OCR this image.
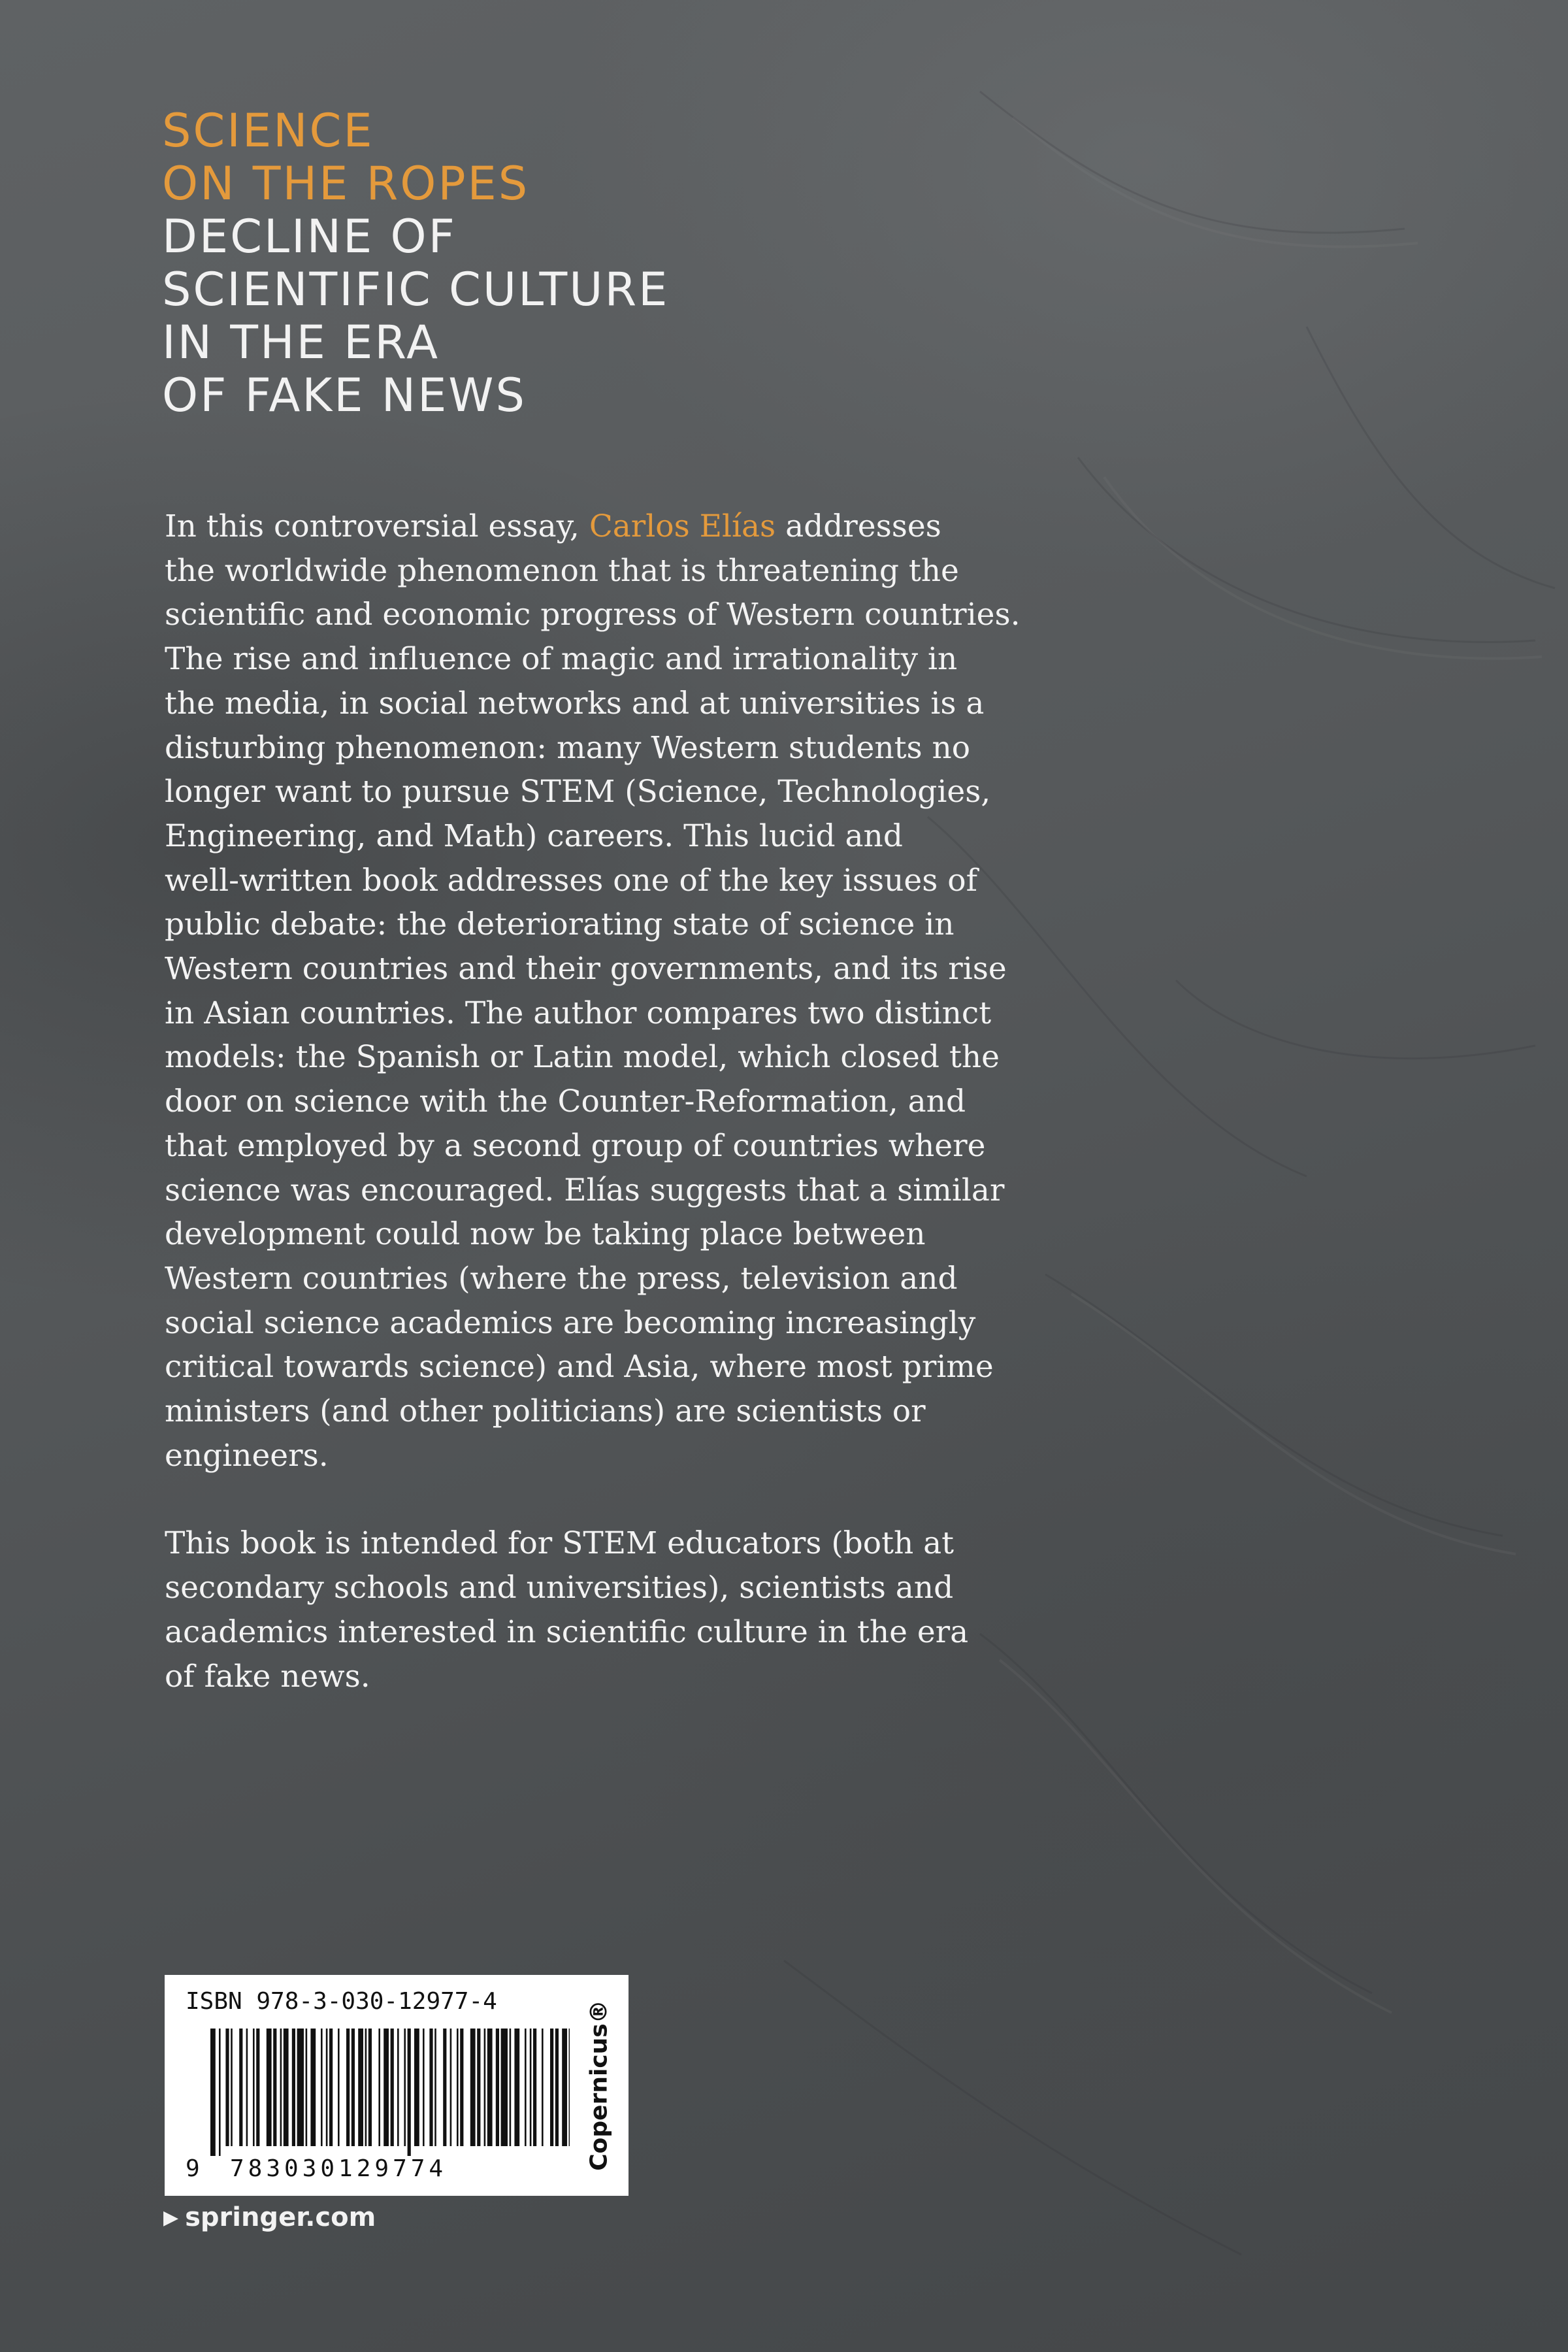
SCIENCE
ON THE ROPES
DECLINE OF
SCIENTIFIC CULTURE
IN THE ERA
OF FAKE NEWS

In this controversial essay, Carlos Elías addresses

the worldwide phenomenon that is threatening the

scientific and economic progress of Western countries.

The rise and influence of magic and irrationality in

the media, in social networks and at universities is a

disturbing phenomenon: many Western students no

longer want to pursue STEM (Science, Technologies,

Engineering, and Math) careers. This lucid and

well-written book addresses one of the key issues of

public debate: the deteriorating state of science in

Western countries and their governments, and its rise

in Asian countries. The author compares two distinct

models: the Spanish or Latin model, which closed the

door on science with the Counter-Reformation, and

that employed by a second group of countries where

science was encouraged. Elías suggests that a similar

development could now be taking place between

Western countries (where the press, television and

social science academics are becoming increasingly

critical towards science) and Asia, where most prime

ministers (and other politicians) are scientists or

engineers.

This book is intended for STEM educators (both at

secondary schools and universities), scientists and

academics interested in scientific culture in the era

of fake news.

ISBN 978-3-030-12977-4
9 783030129774	Copernicus®
▶ springer.com
